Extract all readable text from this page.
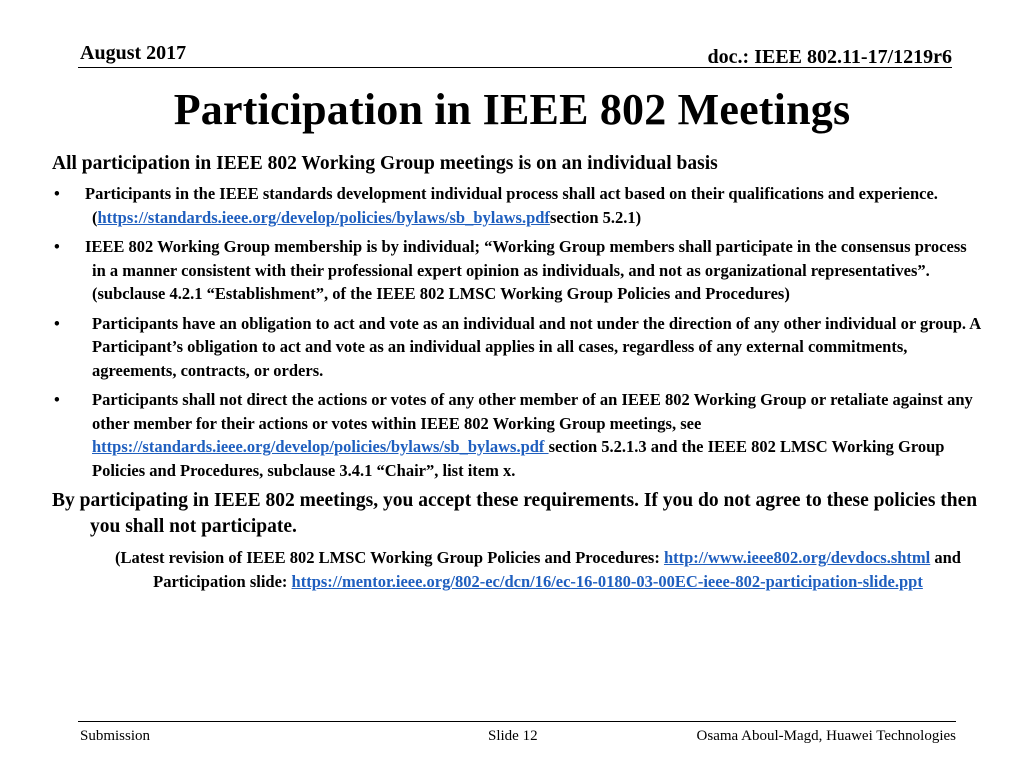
August 2017	doc.: IEEE 802.11-17/1219r6
Participation in IEEE 802 Meetings

All participation in IEEE 802 Working Group meetings is on an individual basis

• Participants in the IEEE standards development individual process shall act based on their qualifications and experience. (https://standards.ieee.org/develop/policies/bylaws/sb_bylaws.pdfsection 5.2.1)
• IEEE 802 Working Group membership is by individual; “Working Group members shall participate in the consensus process in a manner consistent with their professional expert opinion as individuals, and not as organizational representatives”. (subclause 4.2.1 “Establishment”, of the IEEE 802 LMSC Working Group Policies and Procedures)
• Participants have an obligation to act and vote as an individual and not under the direction of any other individual or group. A Participant’s obligation to act and vote as an individual applies in all cases, regardless of any external commitments, agreements, contracts, or orders.
• Participants shall not direct the actions or votes of any other member of an IEEE 802 Working Group or retaliate against any other member for their actions or votes within IEEE 802 Working Group meetings, see https://standards.ieee.org/develop/policies/bylaws/sb_bylaws.pdf section 5.2.1.3 and the IEEE 802 LMSC Working Group Policies and Procedures, subclause 3.4.1 “Chair”, list item x.

By participating in IEEE 802 meetings, you accept these requirements. If you do not agree to these policies then you shall not participate.

(Latest revision of IEEE 802 LMSC Working Group Policies and Procedures: http://www.ieee802.org/devdocs.shtml and Participation slide: https://mentor.ieee.org/802-ec/dcn/16/ec-16-0180-03-00EC-ieee-802-participation-slide.ppt

Submission	Slide 12	Osama Aboul-Magd, Huawei Technologies
